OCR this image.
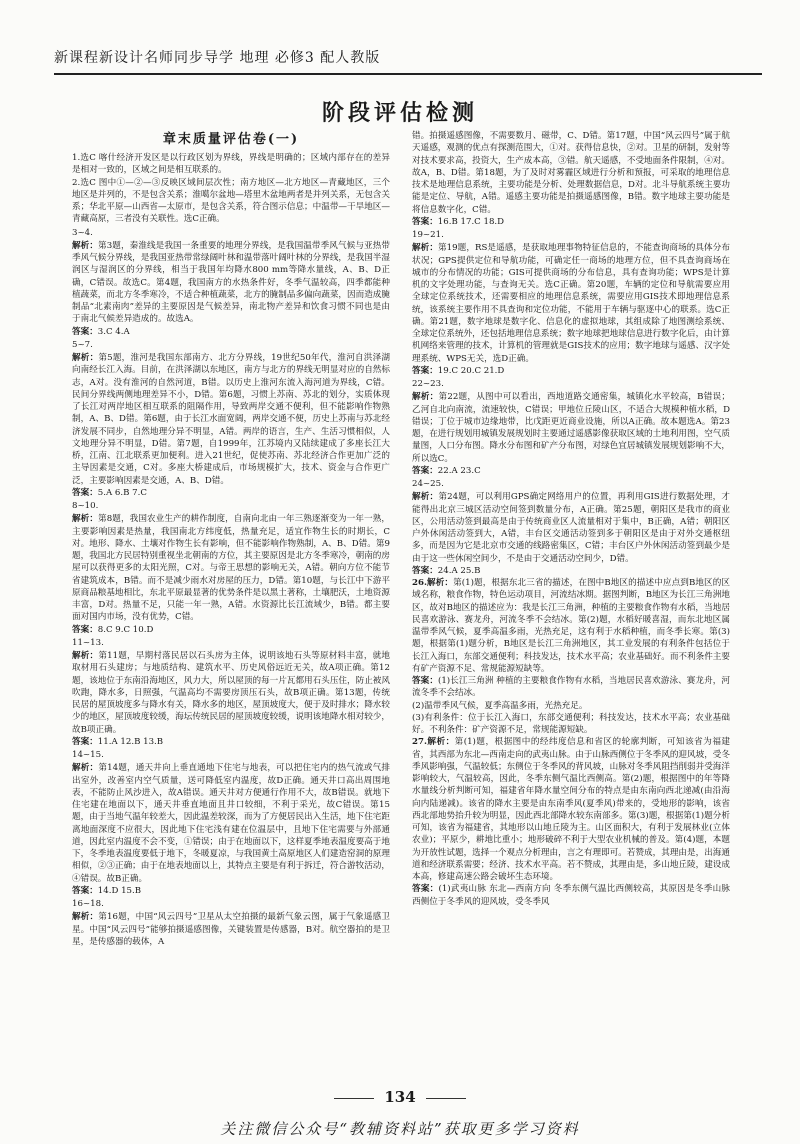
新课程新设计名师同步导学 地理 必修3 配人教版
阶段评估检测
章末质量评估卷(一)
1.选C 喀什经济开发区是以行政区划为界线，界线是明确的；区域内部存在的差异是相对一致的，区域之间是相互联系的。
2.选C 图中①—②—③反映区域间层次性；南方地区—北方地区—青藏地区，三个地区是并列的，不是包含关系；淮噶尔盆地—塔里木盆地两者是并列关系，无包含关系；华北平原—山西省—太原市，是包含关系，符合图示信息；中温带—干旱地区—青藏高原，三者没有关联性。选C正确。
3~4.
解析：第3题，秦淮线是我国一条重要的地理分界线，是我国温带季风气候与亚热带季风气候分界线，是我国亚热带常绿阔叶林和温带落叶阔叶林的分界线，是我国半湿润区与湿润区的分界线，相当于我国年均降水800 mm等降水量线，A、B、D正确，C错误。故选C。第4题，我国南方的水热条件好，冬季气温较高，四季都能种植蔬菜，而北方冬季寒冷，不适合种植蔬菜，北方的腌制品多偏向蔬菜，因而造成腌制品“北素南肉”差异的主要原因是气候差异，南北物产差异和饮食习惯不同也是由于南北气候差异造成的。故选A。
答案：3.C 4.A
5~7.
解析：第5题，淮河是我国东部南方、北方分界线，19世纪50年代，淮河自洪泽湖向南经长江入海。目前，在洪泽湖以东地区，南方与北方的界线无明显对应的自然标志，A对。没有淮河的自然河道，B错。以历史上淮河东流入海河道为界线，C错。民间分界线两侧地理差异不小，D错。第6题，习惯上苏南、苏北的划分，实质体现了长江对两岸地区相互联系的阻隔作用，导致两岸交通不便利，但不能影响作物熟制，A、B、D错。第6题，由于长江水面宽阔，两岸交通不便，历史上苏南与苏北经济发展不同步，自然地理分异不明显，A错。两岸的语言，生产、生活习惯相似，人文地理分异不明显，D错。第7题，自1999年，江苏境内又陆续建成了多座长江大桥，江南、江北联系更加便利。进入21世纪，促使苏南、苏北经济合作更加广泛的主导因素是交通，C对。多座大桥建成后，市场规模扩大，技术、资金与合作更广泛，主要影响因素是交通，A、B、D错。
答案：5.A 6.B 7.C
8~10.
解析：第8题，我国农业生产的耕作制度，自南向北由一年三熟逐渐变为一年一熟，主要影响因素是热量，我国南北方纬度低，热量充足，适宜作物生长的时期长，C对。地形、降水、土壤对作物生长有影响，但不能影响作物熟制，A、B、D错。第9题，我国北方民居特别重视坐北朝南的方位，其主要原因是北方冬季寒冷，朝南的房屋可以获得更多的太阳光照，C对。与帝王思想的影响无关，A错。朝向方位不能节省建筑成本，B错。而不是减少雨水对房屋的压力，D错。第10题，与长江中下游平原商品粮基地相比，东北平原最显著的优势条件是以黑土著称，土壤肥沃，土地资源丰富，D对。热量不足，只能一年一熟，A错。水资源比长江流域少，B错。都主要面对国内市场，没有优势，C错。
答案：8.C 9.C 10.D
11~13.
解析：第11题，早期村落民居以石头房为主体，说明该地石头等原材料丰富，就地取材用石头建房；与地质结构、建筑水平、历史风俗远近无关，故A项正确。第12题，该地位于东南沿海地区，风力大，所以屋顶的每一片瓦都用石头压住，防止被风吹跑，降水多，日照强，气温高均不需要房顶压石头，故B项正确。第13题，传统民居的屋顶坡度多与降水有关，降水多的地区，屋顶坡度大，便于及时排水；降水较少的地区，屋顶坡度较缓，海坛传统民居的屋顶坡度较缓，说明该地降水相对较少，故B项正确。
答案：11.A 12.B 13.B
14~15.
解析：第14题，通天井向上垂直通地下住宅与地表，可以把住宅内的热气流或气排出室外，改善室内空气质量，送可降低室内温度，故D正确。通天井口高出周围地表，不能防止风沙进入，故A错误。通天井对方便通行作用不大，故B错误。就地下住宅建在地面以下，通天井垂直地面且井口较细，不利于采光，故C错误。第15题，由于当地气温年较差大，因此温差较深，而为了方便居民出入生活，地下住宅距离地面深度不应很大，因此地下住宅浅有建在位温层中，且地下住宅需要与外部通道，因此室内温度不会不变，①错误；由于在地面以下，这样夏季地表温度要高于地下，冬季地表温度要低于地下，冬暖夏凉，与我国黄土高原地区人们建造窑洞的原理相似，②③正确；由于在地表地面以上，其特点主要是有利于拆迁，符合游牧活动，④错误。故B正确。
答案：14.D 15.B
16~18.
解析：第16题，中国“风云四号”卫星从太空拍摄的最新气象云图，属于气象遥感卫星。中国“风云四号”能够拍摄遥感图像，关键装置是传感器，B对。航空器拍的是卫星，是传感器的载体，A
错。拍摄遥感图像，不需要数月、磁带，C、D错。第17题，中国“风云四号”属于航天遥感，观测的优点有探测范围大，①对。获得信息快，②对。卫星的研制，发射等对技术要求高，投资大，生产成本高，③错。航天遥感，不受地面条件限制，④对。故A，B、D错。第18题，为了及时对雾霾区域进行分析和预报，可采取的地理信息技术是地理信息系统，主要功能是分析、处理数据信息，D对。北斗导航系统主要功能是定位、导航，A错。遥感主要功能是拍摄遥感图像，B错。数字地球主要功能是将信息数字化，C错。
答案：16.B 17.C 18.D
19~21.
解析：第19题，RS是遥感，是获取地理事物特征信息的，不能查询商场的具体分布状况；GPS提供定位和导航功能，可确定任一商场的地理方位，但不具查询商场在城市的分布情况的功能；GIS可提供商场的分布信息，具有查询功能；WPS是计算机的文字处理功能，与查询无关。选C正确。第20题，车辆的定位和导航需要应用全球定位系统技术，还需要相应的地理信息系统，需要应用GIS技术即地理信息系统，该系统主要作用不具查询和定位功能，不能用于车辆与驱逐中心的联系。选C正确。第21题，数字地球是数字化、信息化的虚拟地球，其组成除了地图测绘系统、全球定位系统外，还包括地理信息系统；数字地球把地球信息进行数字化后，由计算机网络来管理的技术，计算机的管理就是GIS技术的应用；数字地球与遥感、汉字处理系统、WPS无关，选D正确。
答案：19.C 20.C 21.D
22~23.
解析：第22题，从图中可以看出，西地道路交通密集，城镇化水平较高，B错误；乙河自北向南流，流速较快，C错误；甲地位丘陵山区，不适合大规模种植水稻，D错误；丁位于城市边缘地带，比戊距更近商业设施，所以A正确。故本题选A。第23题，在进行规划用城镇发展规划时主要通过遥感影像获取区域的土地利用图，空气质量图，人口分布图。降水分布图和矿产分布图，对绿色宜居城镇发展规划影响不大，所以选C。
答案：22.A 23.C
24~25.
解析：第24题，可以利用GPS确定网络用户的位置，再利用GIS进行数据处理，才能得出北京三城区活动空间签到数量分布，A正确。第25题，朝阳区是我市的商业区，公用活动签到最高是由于传统商业区人流量相对于集中，B正确，A错；朝阳区户外休闲活动签到大，A错，丰台区交通活动签到多于朝阳区是由于对外交通枢纽多，而是因为它是北京市交通的线路密集区，C错；丰台区户外休闲活动签到最少是由于这一些休闲空间少，不是由于交通活动空间少，D错。
答案：24.A 25.B
26.解析：第(1)题，根据东北三省的描述，在图中B地区的描述中应点到B地区的区域名称，粮食作物，特色运动项目，河流结冰期。据图判断，B地区为长江三角洲地区，故对B地区的描述应为：我是长江三角洲，种植的主要粮食作物有水稻，当地居民喜欢游泳、赛龙舟，河流冬季不会结冰。第(2)题，水稻好暖喜湿，而东北地区属温带季风气候，夏季高温多雨，光热充足，这有利于水稻种植，而冬季长寒。第(3)题，根据第(1)题分析，B地区是长江三角洲地区，其工业发展的有利条件包括位于长江入海口，东部交通便利；科技发达，技术水平高；农业基础好。而不利条件主要有矿产资源不足、常规能源短缺等。
答案：(1)长江三角洲 种植的主要粮食作物有水稻，当地居民喜欢游泳、赛龙舟，河流冬季不会结冰。
(2)温带季风气候，夏季高温多雨，光热充足。
(3)有利条件：位于长江入海口，东部交通便利；科技发达，技术水平高；农业基础好。不利条件：矿产资源不足，常规能源短缺。
27.解析：第(1)题，根据图中的经纬度信息和省区的轮廓判断，可知该省为福建省，其西部为东北—西南走向的武夷山脉。由于山脉西侧位于冬季风的迎风坡，受冬季风影响强，气温较低；东侧位于冬季风的背风坡，山脉对冬季风阻挡削弱并受海洋影响较大，气温较高，因此，冬季东侧气温比西侧高。第(2)题，根据图中的年等降水量线分析判断可知，福建省年降水量空间分布的特点是由东南向西北递减(由沿海向内陆递减)。该省的降水主要是由东南季风(夏季风)带来的，受地形的影响，该省西北部地势抬升较为明显，因此西北部降水较东南部多。第(3)题，根据第(1)题分析可知，该省为福建省，其地形以山地丘陵为主。山区面积大，有利于发展林业(立体农业)；平原少，耕地比重小；地形破碎不利于大型农业机械的普及。第(4)题，本题为开放性试题，选择一个观点分析理由，言之有理即可。若赞成，其理由是，出海通道和经济联系需要；经济、技术水平高。若不赞成，其理由是，多山地丘陵，建设成本高，修建高速公路会破坏生态环境。
答案：(1)武夷山脉 东北—西南方向 冬季东侧气温比西侧较高，其原因是冬季山脉西侧位于冬季风的迎风坡，受冬季风
134
关注微信公众号“教辅资料站”获取更多学习资料
